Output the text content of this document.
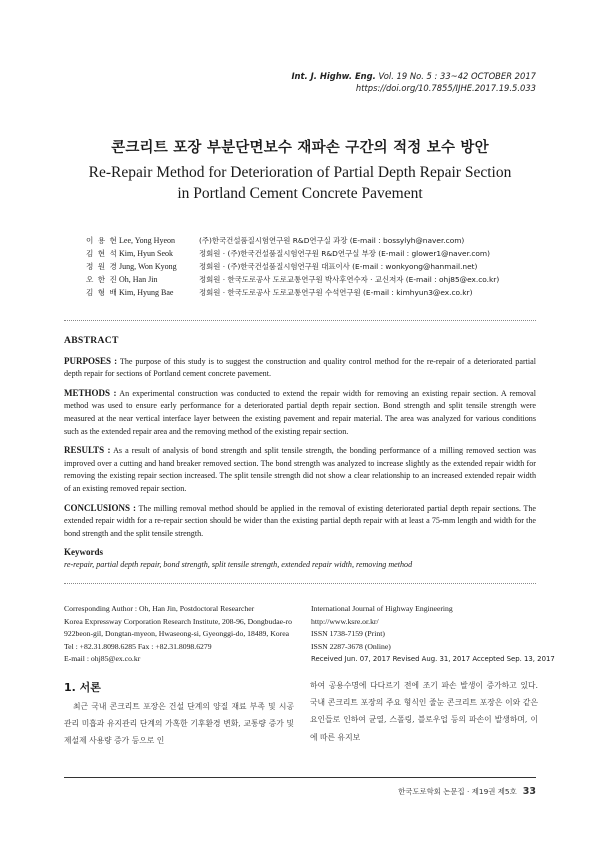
Int. J. Highw. Eng. Vol. 19 No. 5 : 33~42 OCTOBER 2017
https://doi.org/10.7855/IJHE.2017.19.5.033
콘크리트 포장 부분단면보수 재파손 구간의 적정 보수 방안
Re-Repair Method for Deterioration of Partial Depth Repair Section
in Portland Cement Concrete Pavement
이 용 현 Lee, Yong Hyeon	(주)한국건설품질시험연구원 R&D연구실 과장 (E-mail : bossylyh@naver.com)
김 현 석 Kim, Hyun Seok	정회원 · (주)한국건설품질시험연구원 R&D연구실 부장 (E-mail : glower1@naver.com)
정 원 경 Jung, Won Kyong	정회원 · (주)한국건설품질시험연구원 대표이사 (E-mail : wonkyong@hanmail.net)
오 한 진 Oh, Han Jin	정회원 · 한국도로공사 도로교통연구원 박사후연수자 · 교신저자 (E-mail : ohj85@ex.co.kr)
김 형 배 Kim, Hyung Bae	정회원 · 한국도로공사 도로교통연구원 수석연구원 (E-mail : kimhyun3@ex.co.kr)
ABSTRACT

PURPOSES : The purpose of this study is to suggest the construction and quality control method for the re-repair of a deteriorated partial depth repair for sections of Portland cement concrete pavement.

METHODS : An experimental construction was conducted to extend the repair width for removing an existing repair section. A removal method was used to ensure early performance for a deteriorated partial depth repair section. Bond strength and split tensile strength were measured at the near vertical interface layer between the existing pavement and repair material. The area was analyzed for various conditions such as the extended repair area and the removing method of the existing repair section.

RESULTS : As a result of analysis of bond strength and split tensile strength, the bonding performance of a milling removed section was improved over a cutting and hand breaker removed section. The bond strength was analyzed to increase slightly as the extended repair width for removing the existing repair section increased. The split tensile strength did not show a clear relationship to an increased extended repair width of an existing removed repair section.

CONCLUSIONS : The milling removal method should be applied in the removal of existing deteriorated partial depth repair sections. The extended repair width for a re-repair section should be wider than the existing partial depth repair with at least a 75-mm length and width for the bond strength and the split tensile strength.

Keywords

re-repair, partial depth repair, bond strength, split tensile strength, extended repair width, removing method

Corresponding Author : Oh, Han Jin, Postdoctoral Researcher
Korea Expressway Corporation Research Institute, 208-96, Dongbudae-ro
922beon-gil, Dongtan-myeon, Hwaseong-si, Gyeonggi-do, 18489, Korea
Tel : +82.31.8098.6285 Fax : +82.31.8098.6279
E-mail : ohj85@ex.co.kr
International Journal of Highway Engineering
http://www.ksre.or.kr/
ISSN 1738-7159 (Print)
ISSN 2287-3678 (Online)
Received Jun. 07, 2017 Revised Aug. 31, 2017 Accepted Sep. 13, 2017
1. 서론
최근 국내 콘크리트 포장은 건설 단계의 양질 재료 부족 및 시공 관리 미흡과 유지관리 단계의 가혹한 기후환경 변화, 교통량 증가 및 제설제 사용량 증가 등으로 인
하여 공용수명에 다다르기 전에 조기 파손 발생이 증가하고 있다. 국내 콘크리트 포장의 주요 형식인 줄눈 콘크리트 포장은 이와 같은 요인들로 인하여 균열, 스폴링, 블로우업 등의 파손이 발생하며, 이에 따른 유지보
한국도로학회 논문집 · 제19권 제5호 33
